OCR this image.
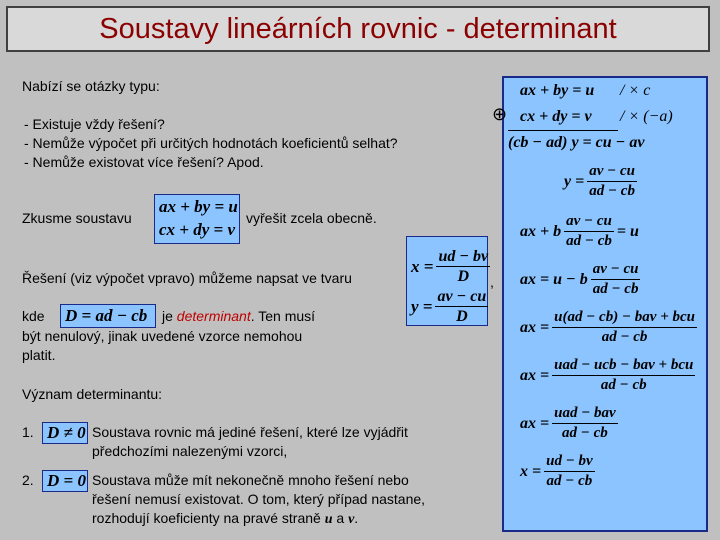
Soustavy lineárních rovnic - determinant
Nabízí se otázky typu:
- Existuje vždy řešení?
- Nemůže výpočet při určitých hodnotách koeficientů selhat?
- Nemůže existovat více řešení? Apod.
Zkusme soustavu
ax + by = u
cx + dy = v
vyřešit zcela obecně.
Řešení (viz výpočet vpravo) můžeme napsat ve tvaru
$x = \frac{ud - bv}{D}$
$y = \frac{av - cu}{D}$
,
kde D = ad − cb je determinant. Ten musí
být nenulový, jinak uvedené vzorce nemohou
platit.
Význam determinantu:
1. D ≠ 0 Soustava rovnic má jediné řešení, které lze vyjádřit
předchozími nalezenými vzorci,
2. D = 0 Soustava může mít nekonečně mnoho řešení nebo
řešení nemusí existovat. O tom, který případ nastane,
rozhodují koeficienty na pravé straně u a v.
ax + by = u / × c
cx + dy = v / × (−a)
(cb − ad) y = cu − av
$y = \frac{av - cu}{ad - cb}$
ax + b $\frac{av - cu}{ad - cb} = u$
ax = u − b $\frac{av - cu}{ad - cb}$
ax = $\frac{\text{u(ad − cb) − bav + bcu}}{ad - cb}$
ax = $\frac{\text{uad − ucb − bav + bcu}}{ad - cb}$
ax = $\frac{\text{uad − bav}}{ad - cb}$
$x = \frac{ud - bv}{ad - cb}$
⊕
